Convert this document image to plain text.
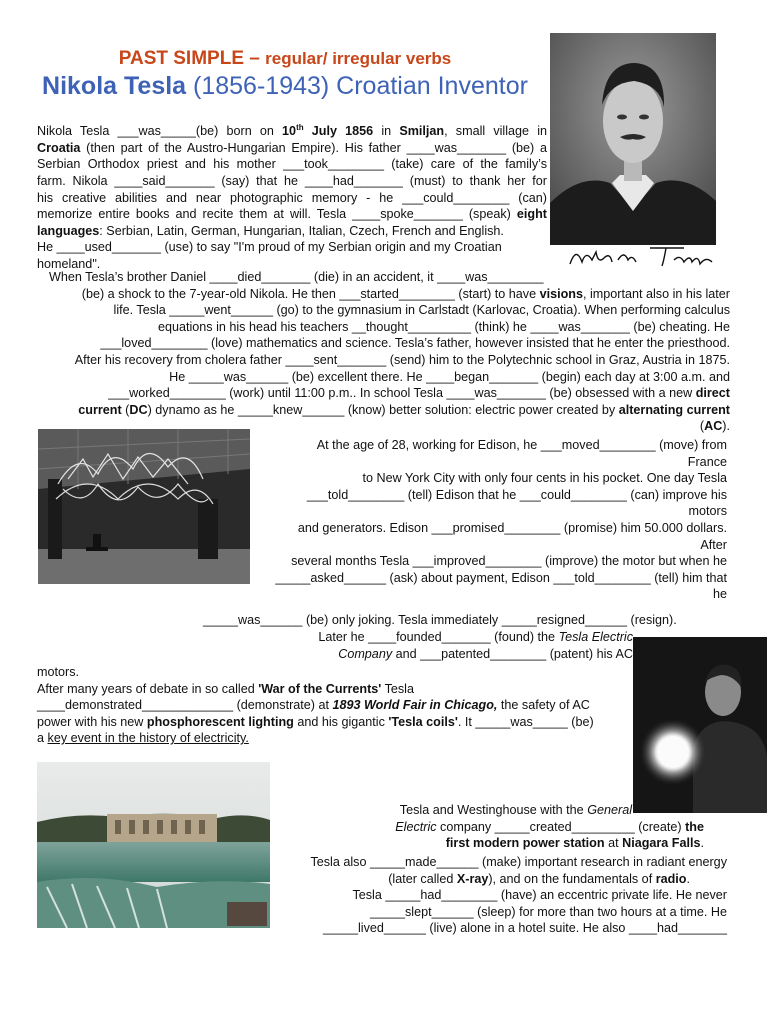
PAST SIMPLE – regular/ irregular verbs
Nikola Tesla (1856-1943) Croatian Inventor
Nikola Tesla ___was_____(be) born on 10th July 1856 in Smiljan, small village in
Croatia (then part of the Austro-Hungarian Empire). His father ____was_______ (be) a
Serbian Orthodox priest and his mother ___took________ (take) care of the family’s
farm. Nikola ____said_______ (say) that he ____had_______ (must) to thank her for
his creative abilities and near photographic memory - he ___could________ (can)
memorize entire books and recite them at will. Tesla ____spoke_______ (speak) eight
languages: Serbian, Latin, German, Hungarian, Italian, Czech, French and English.
He ____used_______ (use) to say "I'm proud of my Serbian origin and my Croatian
homeland".
When Tesla’s brother Daniel ____died_______ (die) in an accident, it ____was________
(be) a shock to the 7-year-old Nikola. He then ___started________ (start) to have visions, important also in his later
life. Tesla _____went______ (go) to the gymnasium in Carlstadt (Karlovac, Croatia). When performing calculus
equations in his head his teachers __thought_________ (think) he ____was_______ (be) cheating. He
___loved________ (love) mathematics and science. Tesla’s father, however insisted that he enter the priesthood.
After his recovery from cholera father ____sent_______ (send) him to the Polytechnic school in Graz, Austria in 1875.
He _____was______ (be) excellent there. He ____began_______ (begin) each day at 3:00 a.m. and
___worked________ (work) until 11:00 p.m.. In school Tesla ____was_______ (be) obsessed with a new direct
current (DC) dynamo as he _____knew______ (know) better solution: electric power created by alternating current
(AC).
At the age of 28, working for Edison, he ___moved________ (move) from
France
to New York City with only four cents in his pocket. One day Tesla
___told________ (tell) Edison that he ___could________ (can) improve his
motors
and generators. Edison ___promised________ (promise) him 50.000 dollars.
After
several months Tesla ___improved________ (improve) the motor but when he
_____asked______ (ask) about payment, Edison ___told________ (tell) him that
he
_____was______ (be) only joking. Tesla immediately _____resigned______ (resign).
Later he ____founded_______ (found) the Tesla Electric
Company and ___patented________ (patent) his AC
motors.
After many years of debate in so called 'War of the Currents' Tesla
____demonstrated_____________ (demonstrate) at 1893 World Fair in Chicago, the safety of AC
power with his new phosphorescent lighting and his gigantic 'Tesla coils'. It _____was_____ (be)
a key event in the history of electricity.
Tesla and Westinghouse with the General
Electric company _____created_________ (create) the
first modern power station at Niagara Falls.
Tesla also _____made______ (make) important research in radiant energy
(later called X-ray), and on the fundamentals of radio.
Tesla _____had________ (have) an eccentric private life. He never
_____slept______ (sleep) for more than two hours at a time. He
_____lived______ (live) alone in a hotel suite. He also ____had_______
